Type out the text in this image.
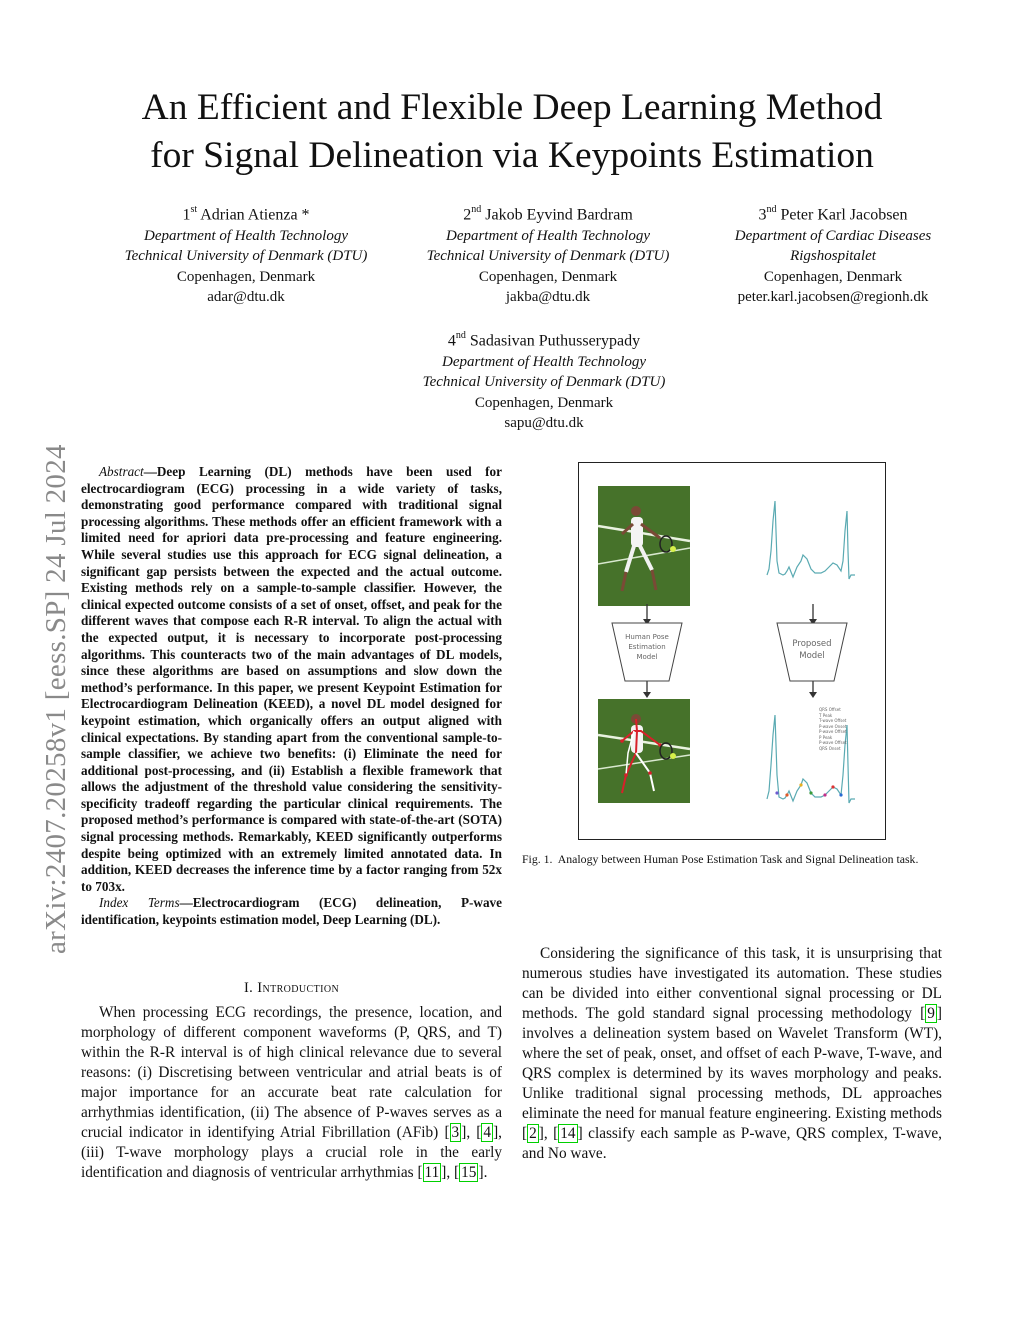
arXiv:2407.20258v1 [eess.SP] 24 Jul 2024
An Efficient and Flexible Deep Learning Method
for Signal Delineation via Keypoints Estimation
1st Adrian Atienza *
Department of Health Technology
Technical University of Denmark (DTU)
Copenhagen, Denmark
adar@dtu.dk
2nd Jakob Eyvind Bardram
Department of Health Technology
Technical University of Denmark (DTU)
Copenhagen, Denmark
jakba@dtu.dk
3nd Peter Karl Jacobsen
Department of Cardiac Diseases
Rigshospitalet
Copenhagen, Denmark
peter.karl.jacobsen@regionh.dk
4nd Sadasivan Puthusserypady
Department of Health Technology
Technical University of Denmark (DTU)
Copenhagen, Denmark
sapu@dtu.dk
Abstract—Deep Learning (DL) methods have been used for electrocardiogram (ECG) processing in a wide variety of tasks, demonstrating good performance compared with traditional signal processing algorithms. These methods offer an efficient framework with a limited need for apriori data pre-processing and feature engineering. While several studies use this approach for ECG signal delineation, a significant gap persists between the expected and the actual outcome. Existing methods rely on a sample-to-sample classifier. However, the clinical expected outcome consists of a set of onset, offset, and peak for the different waves that compose each R-R interval. To align the actual with the expected output, it is necessary to incorporate post-processing algorithms. This counteracts two of the main advantages of DL models, since these algorithms are based on assumptions and slow down the method’s performance. In this paper, we present Keypoint Estimation for Electrocardiogram Delineation (KEED), a novel DL model designed for keypoint estimation, which organically offers an output aligned with clinical expectations. By standing apart from the conventional sample-to-sample classifier, we achieve two benefits: (i) Eliminate the need for additional post-processing, and (ii) Establish a flexible framework that allows the adjustment of the threshold value considering the sensitivity-specificity tradeoff regarding the particular clinical requirements. The proposed method’s performance is compared with state-of-the-art (SOTA) signal processing methods. Remarkably, KEED significantly outperforms despite being optimized with an extremely limited annotated data. In addition, KEED decreases the inference time by a factor ranging from 52x to 703x.
Index Terms—Electrocardiogram (ECG) delineation, P-wave identification, keypoints estimation model, Deep Learning (DL).
I. Introduction
When processing ECG recordings, the presence, location, and morphology of different component waveforms (P, QRS, and T) within the R-R interval is of high clinical relevance due to several reasons: (i) Discretising between ventricular and atrial beats is of major importance for an accurate beat rate calculation for arrhythmias identification, (ii) The absence of P-waves serves as a crucial indicator in identifying Atrial Fibrillation (AFib) [ 3 ], [ 4 ], (iii) T-wave morphology plays a crucial role in the early identification and diagnosis of ventricular arrhythmias [ 11 ], [ 15 ].
Considering the significance of this task, it is unsurprising that numerous studies have investigated its automation. These studies can be divided into either conventional signal processing or DL methods. The gold standard signal processing methodology [ 9 ] involves a delineation system based on Wavelet Transform (WT), where the set of peak, onset, and offset of each P-wave, T-wave, and QRS complex is determined by its waves morphology and peaks. Unlike traditional signal processing methods, DL approaches eliminate the need for manual feature engineering. Existing methods [ 2 ], [ 14 ] classify each sample as P-wave, QRS complex, T-wave, and No wave.
Human Pose
Estimation
Model
Proposed
Model
QRS Offset
T Peak
T-wave Offset
P-wave Onset
P-wave Offset
P Peak
P-wave Offset
QRS Onset
Fig. 1. Analogy between Human Pose Estimation Task and Signal Delineation task.
